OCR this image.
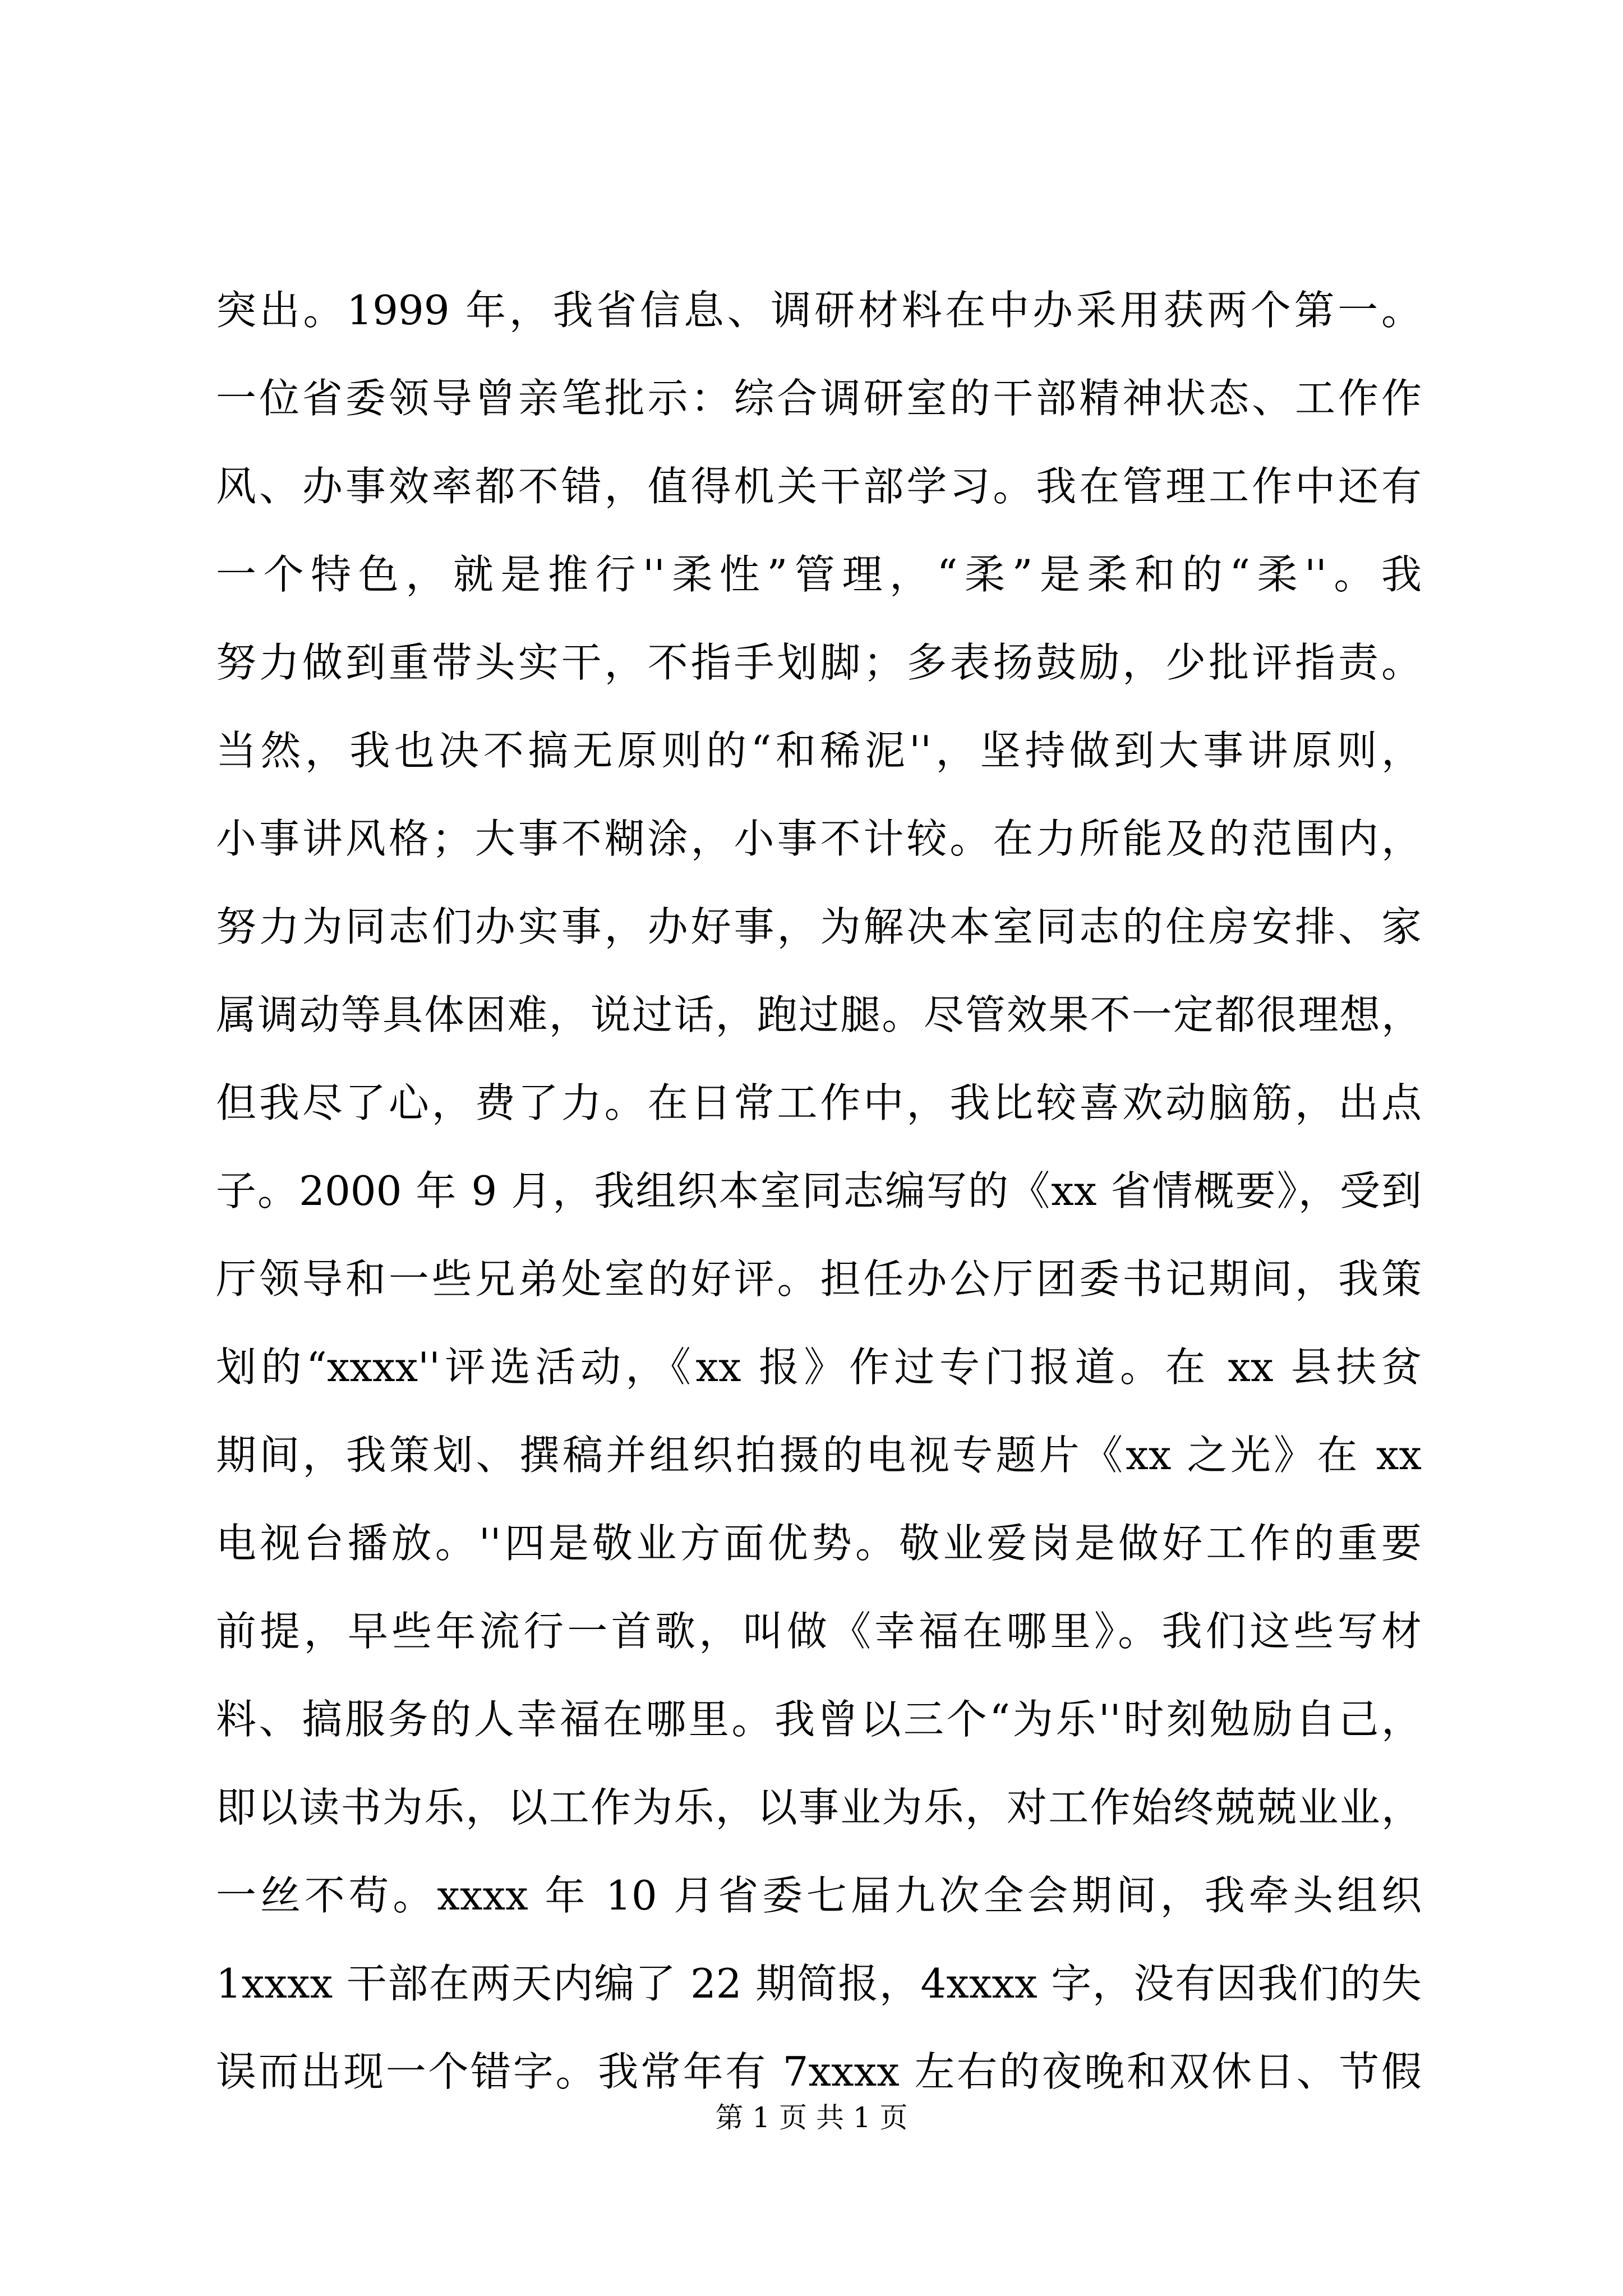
突出。1999 年，我省信息、调研材料在中办采用获两个第一。
一位省委领导曾亲笔批示：综合调研室的干部精神状态、工作作
风、办事效率都不错，值得机关干部学习。我在管理工作中还有
一个特色，就是推行''柔性”管理，“柔”是柔和的“柔''。我
努力做到重带头实干，不指手划脚；多表扬鼓励，少批评指责。
当然，我也决不搞无原则的“和稀泥''，坚持做到大事讲原则，
小事讲风格；大事不糊涂，小事不计较。在力所能及的范围内，
努力为同志们办实事，办好事，为解决本室同志的住房安排、家
属调动等具体困难，说过话，跑过腿。尽管效果不一定都很理想，
但我尽了心，费了力。在日常工作中，我比较喜欢动脑筋，出点
子。2000 年 9 月，我组织本室同志编写的《xx 省情概要》，受到
厅领导和一些兄弟处室的好评。担任办公厅团委书记期间，我策
划的“xxxx''评选活动，《xx 报》作过专门报道。在 xx 县扶贫
期间，我策划、撰稿并组织拍摄的电视专题片《xx 之光》在 xx
电视台播放。''四是敬业方面优势。敬业爱岗是做好工作的重要
前提，早些年流行一首歌，叫做《幸福在哪里》。我们这些写材
料、搞服务的人幸福在哪里。我曾以三个“为乐''时刻勉励自己，
即以读书为乐，以工作为乐，以事业为乐，对工作始终兢兢业业，
一丝不苟。xxxx 年 10 月省委七届九次全会期间，我牵头组织
1xxxx 干部在两天内编了 22 期简报，4xxxx 字，没有因我们的失
误而出现一个错字。我常年有 7xxxx 左右的夜晚和双休日、节假
第 1 页 共 1 页
